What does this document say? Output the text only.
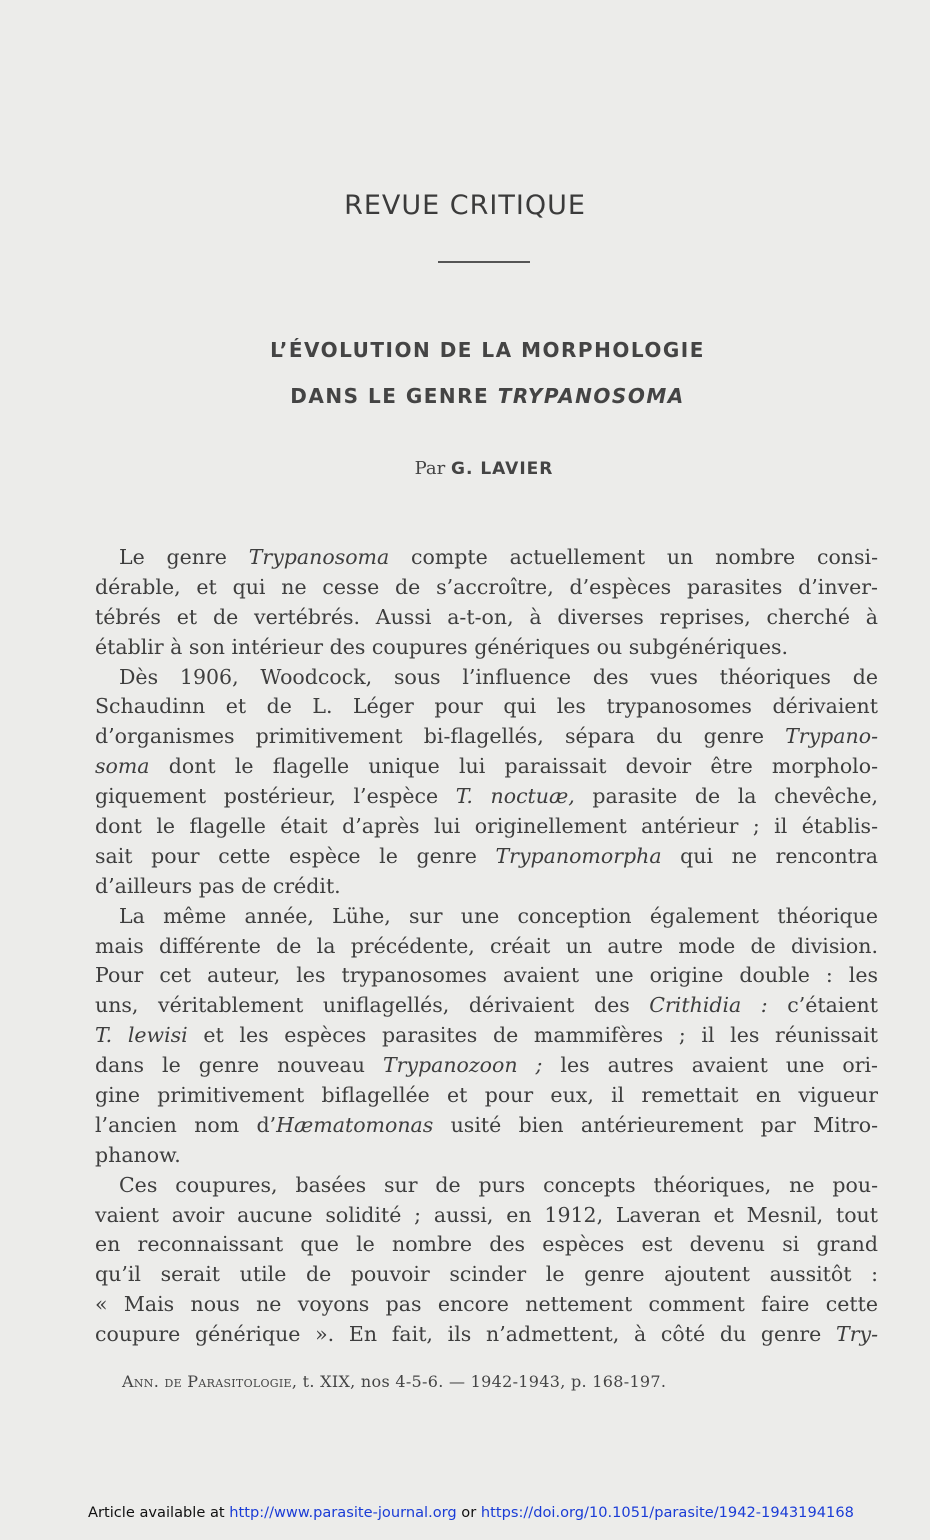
REVUE CRITIQUE
L’ÉVOLUTION DE LA MORPHOLOGIE
DANS LE GENRE TRYPANOSOMA
Par G. LAVIER
Le genre Trypanosoma compte actuellement un nombre consi-
dérable, et qui ne cesse de s’accroître, d’espèces parasites d’inver-
tébrés et de vertébrés. Aussi a-t-on, à diverses reprises, cherché à
établir à son intérieur des coupures génériques ou subgénériques.
Dès 1906, Woodcock, sous l’influence des vues théoriques de
Schaudinn et de L. Léger pour qui les trypanosomes dérivaient
d’organismes primitivement bi-flagellés, sépara du genre Trypano-
soma dont le flagelle unique lui paraissait devoir être morpholo-
giquement postérieur, l’espèce T. noctuæ, parasite de la chevêche,
dont le flagelle était d’après lui originellement antérieur ; il établis-
sait pour cette espèce le genre Trypanomorpha qui ne rencontra
d’ailleurs pas de crédit.
La même année, Lühe, sur une conception également théorique
mais différente de la précédente, créait un autre mode de division.
Pour cet auteur, les trypanosomes avaient une origine double : les
uns, véritablement uniflagellés, dérivaient des Crithidia : c’étaient
T. lewisi et les espèces parasites de mammifères ; il les réunissait
dans le genre nouveau Trypanozoon ; les autres avaient une ori-
gine primitivement biflagellée et pour eux, il remettait en vigueur
l’ancien nom d’Hæmatomonas usité bien antérieurement par Mitro-
phanow.
Ces coupures, basées sur de purs concepts théoriques, ne pou-
vaient avoir aucune solidité ; aussi, en 1912, Laveran et Mesnil, tout
en reconnaissant que le nombre des espèces est devenu si grand
qu’il serait utile de pouvoir scinder le genre ajoutent aussitôt :
« Mais nous ne voyons pas encore nettement comment faire cette
coupure générique ». En fait, ils n’admettent, à côté du genre Try-
Ann. de Parasitologie, t. XIX, nos 4-5-6. — 1942-1943, p. 168-197.
Article available at http://www.parasite-journal.org or https://doi.org/10.1051/parasite/1942-1943194168
